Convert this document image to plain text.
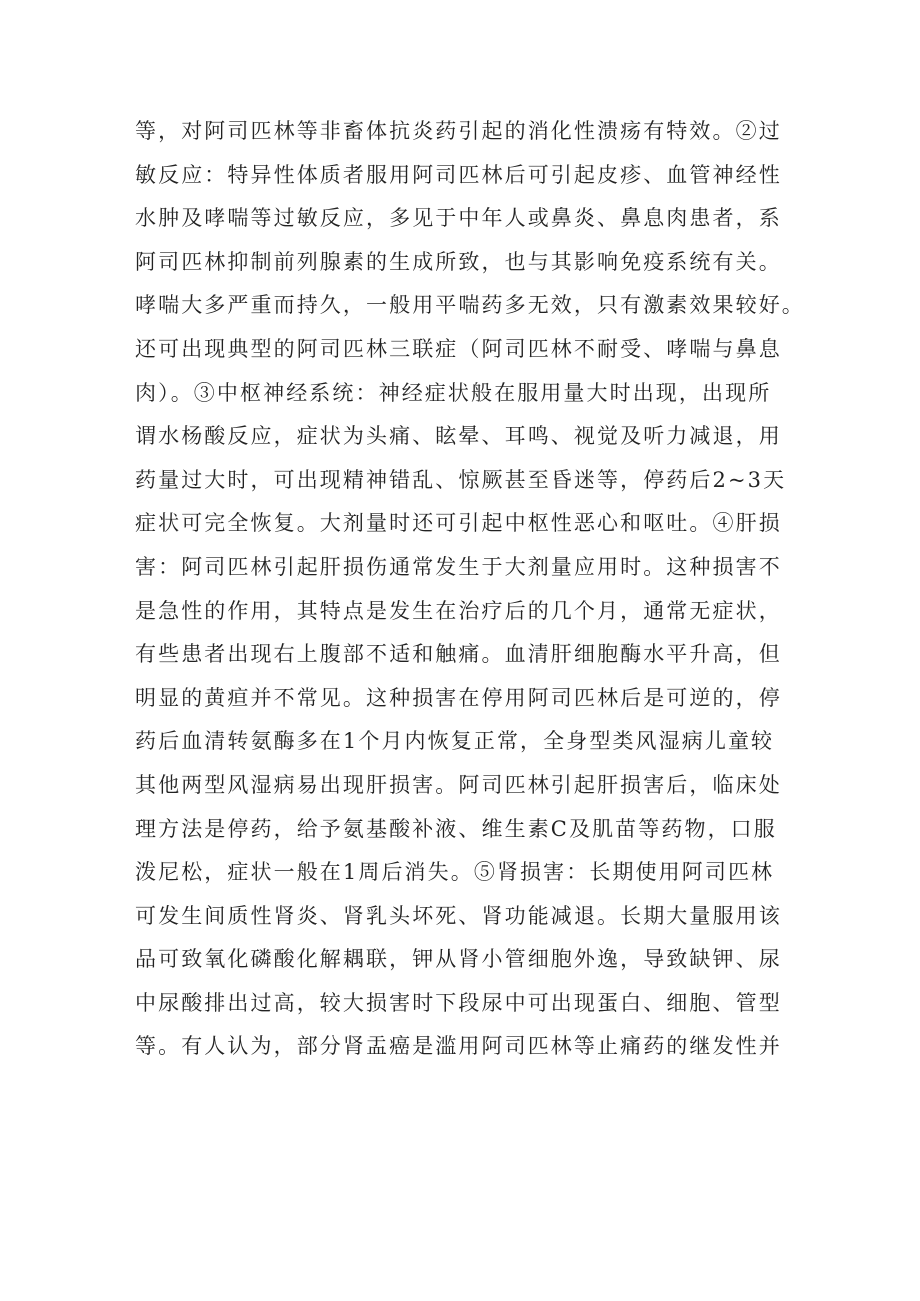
等，对阿司匹林等非畜体抗炎药引起的消化性溃疡有特效。②过
敏反应：特异性体质者服用阿司匹林后可引起皮疹、血管神经性
水肿及哮喘等过敏反应，多见于中年人或鼻炎、鼻息肉患者，系
阿司匹林抑制前列腺素的生成所致，也与其影响免疫系统有关。
哮喘大多严重而持久，一般用平喘药多无效，只有激素效果较好。
还可出现典型的阿司匹林三联症（阿司匹林不耐受、哮喘与鼻息
肉）。③中枢神经系统：神经症状般在服用量大时出现，出现所
谓水杨酸反应，症状为头痛、眩晕、耳鸣、视觉及听力减退，用
药量过大时，可出现精神错乱、惊厥甚至昏迷等，停药后2~3天
症状可完全恢复。大剂量时还可引起中枢性恶心和呕吐。④肝损
害：阿司匹林引起肝损伤通常发生于大剂量应用时。这种损害不
是急性的作用，其特点是发生在治疗后的几个月，通常无症状，
有些患者出现右上腹部不适和触痛。血清肝细胞酶水平升高，但
明显的黄疸并不常见。这种损害在停用阿司匹林后是可逆的，停
药后血清转氨酶多在1个月内恢复正常，全身型类风湿病儿童较
其他两型风湿病易出现肝损害。阿司匹林引起肝损害后，临床处
理方法是停药，给予氨基酸补液、维生素C及肌苗等药物，口服
泼尼松，症状一般在1周后消失。⑤肾损害：长期使用阿司匹林
可发生间质性肾炎、肾乳头坏死、肾功能减退。长期大量服用该
品可致氧化磷酸化解耦联，钾从肾小管细胞外逸，导致缺钾、尿
中尿酸排出过高，较大损害时下段尿中可出现蛋白、细胞、管型
等。有人认为，部分肾盂癌是滥用阿司匹林等止痛药的继发性并
